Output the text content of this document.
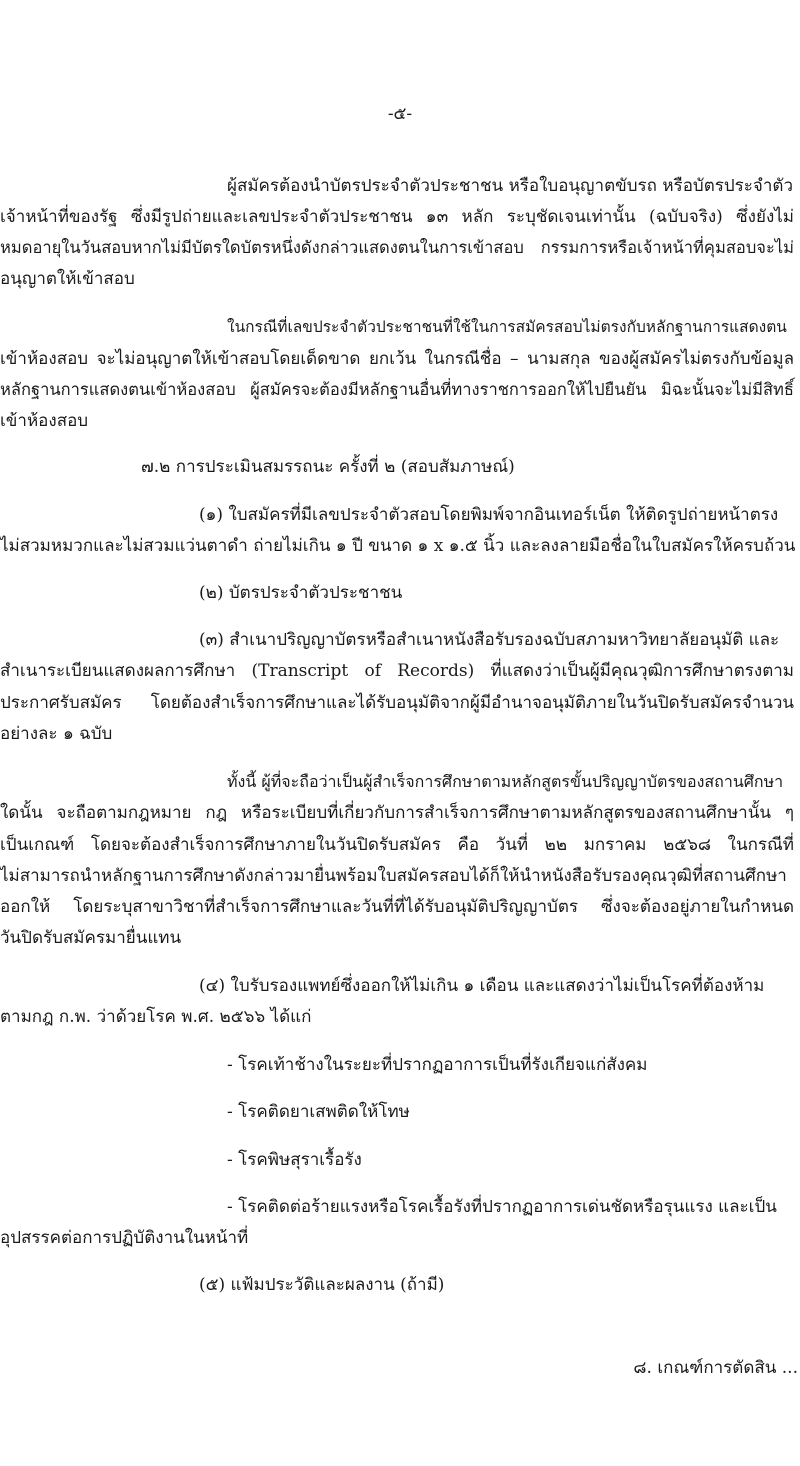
-๕-
ผู้สมัครต้องนำบัตรประจำตัวประชาชน หรือใบอนุญาตขับรถ หรือบัตรประจำตัว
เจ้าหน้าที่ของรัฐ ซึ่งมีรูปถ่ายและเลขประจำตัวประชาชน ๑๓ หลัก ระบุชัดเจนเท่านั้น (ฉบับจริง) ซึ่งยังไม่
หมดอายุในวันสอบหากไม่มีบัตรใดบัตรหนึ่งดังกล่าวแสดงตนในการเข้าสอบ กรรมการหรือเจ้าหน้าที่คุมสอบจะไม่
อนุญาตให้เข้าสอบ
ในกรณีที่เลขประจำตัวประชาชนที่ใช้ในการสมัครสอบไม่ตรงกับหลักฐานการแสดงตน
เข้าห้องสอบ จะไม่อนุญาตให้เข้าสอบโดยเด็ดขาด ยกเว้น ในกรณีชื่อ – นามสกุล ของผู้สมัครไม่ตรงกับข้อมูล
หลักฐานการแสดงตนเข้าห้องสอบ ผู้สมัครจะต้องมีหลักฐานอื่นที่ทางราชการออกให้ไปยืนยัน มิฉะนั้นจะไม่มีสิทธิ์
เข้าห้องสอบ
๗.๒ การประเมินสมรรถนะ ครั้งที่ ๒ (สอบสัมภาษณ์)
(๑) ใบสมัครที่มีเลขประจำตัวสอบโดยพิมพ์จากอินเทอร์เน็ต ให้ติดรูปถ่ายหน้าตรง
ไม่สวมหมวกและไม่สวมแว่นตาดำ ถ่ายไม่เกิน ๑ ปี ขนาด ๑ x ๑.๕ นิ้ว และลงลายมือชื่อในใบสมัครให้ครบถ้วน
(๒) บัตรประจำตัวประชาชน
(๓) สำเนาปริญญาบัตรหรือสำเนาหนังสือรับรองฉบับสภามหาวิทยาลัยอนุมัติ และ
สำเนาระเบียนแสดงผลการศึกษา (Transcript of Records) ที่แสดงว่าเป็นผู้มีคุณวุฒิการศึกษาตรงตาม
ประกาศรับสมัคร โดยต้องสำเร็จการศึกษาและได้รับอนุมัติจากผู้มีอำนาจอนุมัติภายในวันปิดรับสมัครจำนวน
อย่างละ ๑ ฉบับ
ทั้งนี้ ผู้ที่จะถือว่าเป็นผู้สำเร็จการศึกษาตามหลักสูตรขั้นปริญญาบัตรของสถานศึกษา
ใดนั้น จะถือตามกฎหมาย กฎ หรือระเบียบที่เกี่ยวกับการสำเร็จการศึกษาตามหลักสูตรของสถานศึกษานั้น ๆ
เป็นเกณฑ์ โดยจะต้องสำเร็จการศึกษาภายในวันปิดรับสมัคร คือ วันที่ ๒๒ มกราคม ๒๕๖๘ ในกรณีที่
ไม่สามารถนำหลักฐานการศึกษาดังกล่าวมายื่นพร้อมใบสมัครสอบได้ก็ให้นำหนังสือรับรองคุณวุฒิที่สถานศึกษา
ออกให้ โดยระบุสาขาวิชาที่สำเร็จการศึกษาและวันที่ที่ได้รับอนุมัติปริญญาบัตร ซึ่งจะต้องอยู่ภายในกำหนด
วันปิดรับสมัครมายื่นแทน
(๔) ใบรับรองแพทย์ซึ่งออกให้ไม่เกิน ๑ เดือน และแสดงว่าไม่เป็นโรคที่ต้องห้าม
ตามกฎ ก.พ. ว่าด้วยโรค พ.ศ. ๒๕๖๖ ได้แก่
- โรคเท้าช้างในระยะที่ปรากฏอาการเป็นที่รังเกียจแก่สังคม
- โรคติดยาเสพติดให้โทษ
- โรคพิษสุราเรื้อรัง
- โรคติดต่อร้ายแรงหรือโรคเรื้อรังที่ปรากฏอาการเด่นชัดหรือรุนแรง และเป็น
อุปสรรคต่อการปฏิบัติงานในหน้าที่
(๕) แฟ้มประวัติและผลงาน (ถ้ามี)
๘. เกณฑ์การตัดสิน ...
